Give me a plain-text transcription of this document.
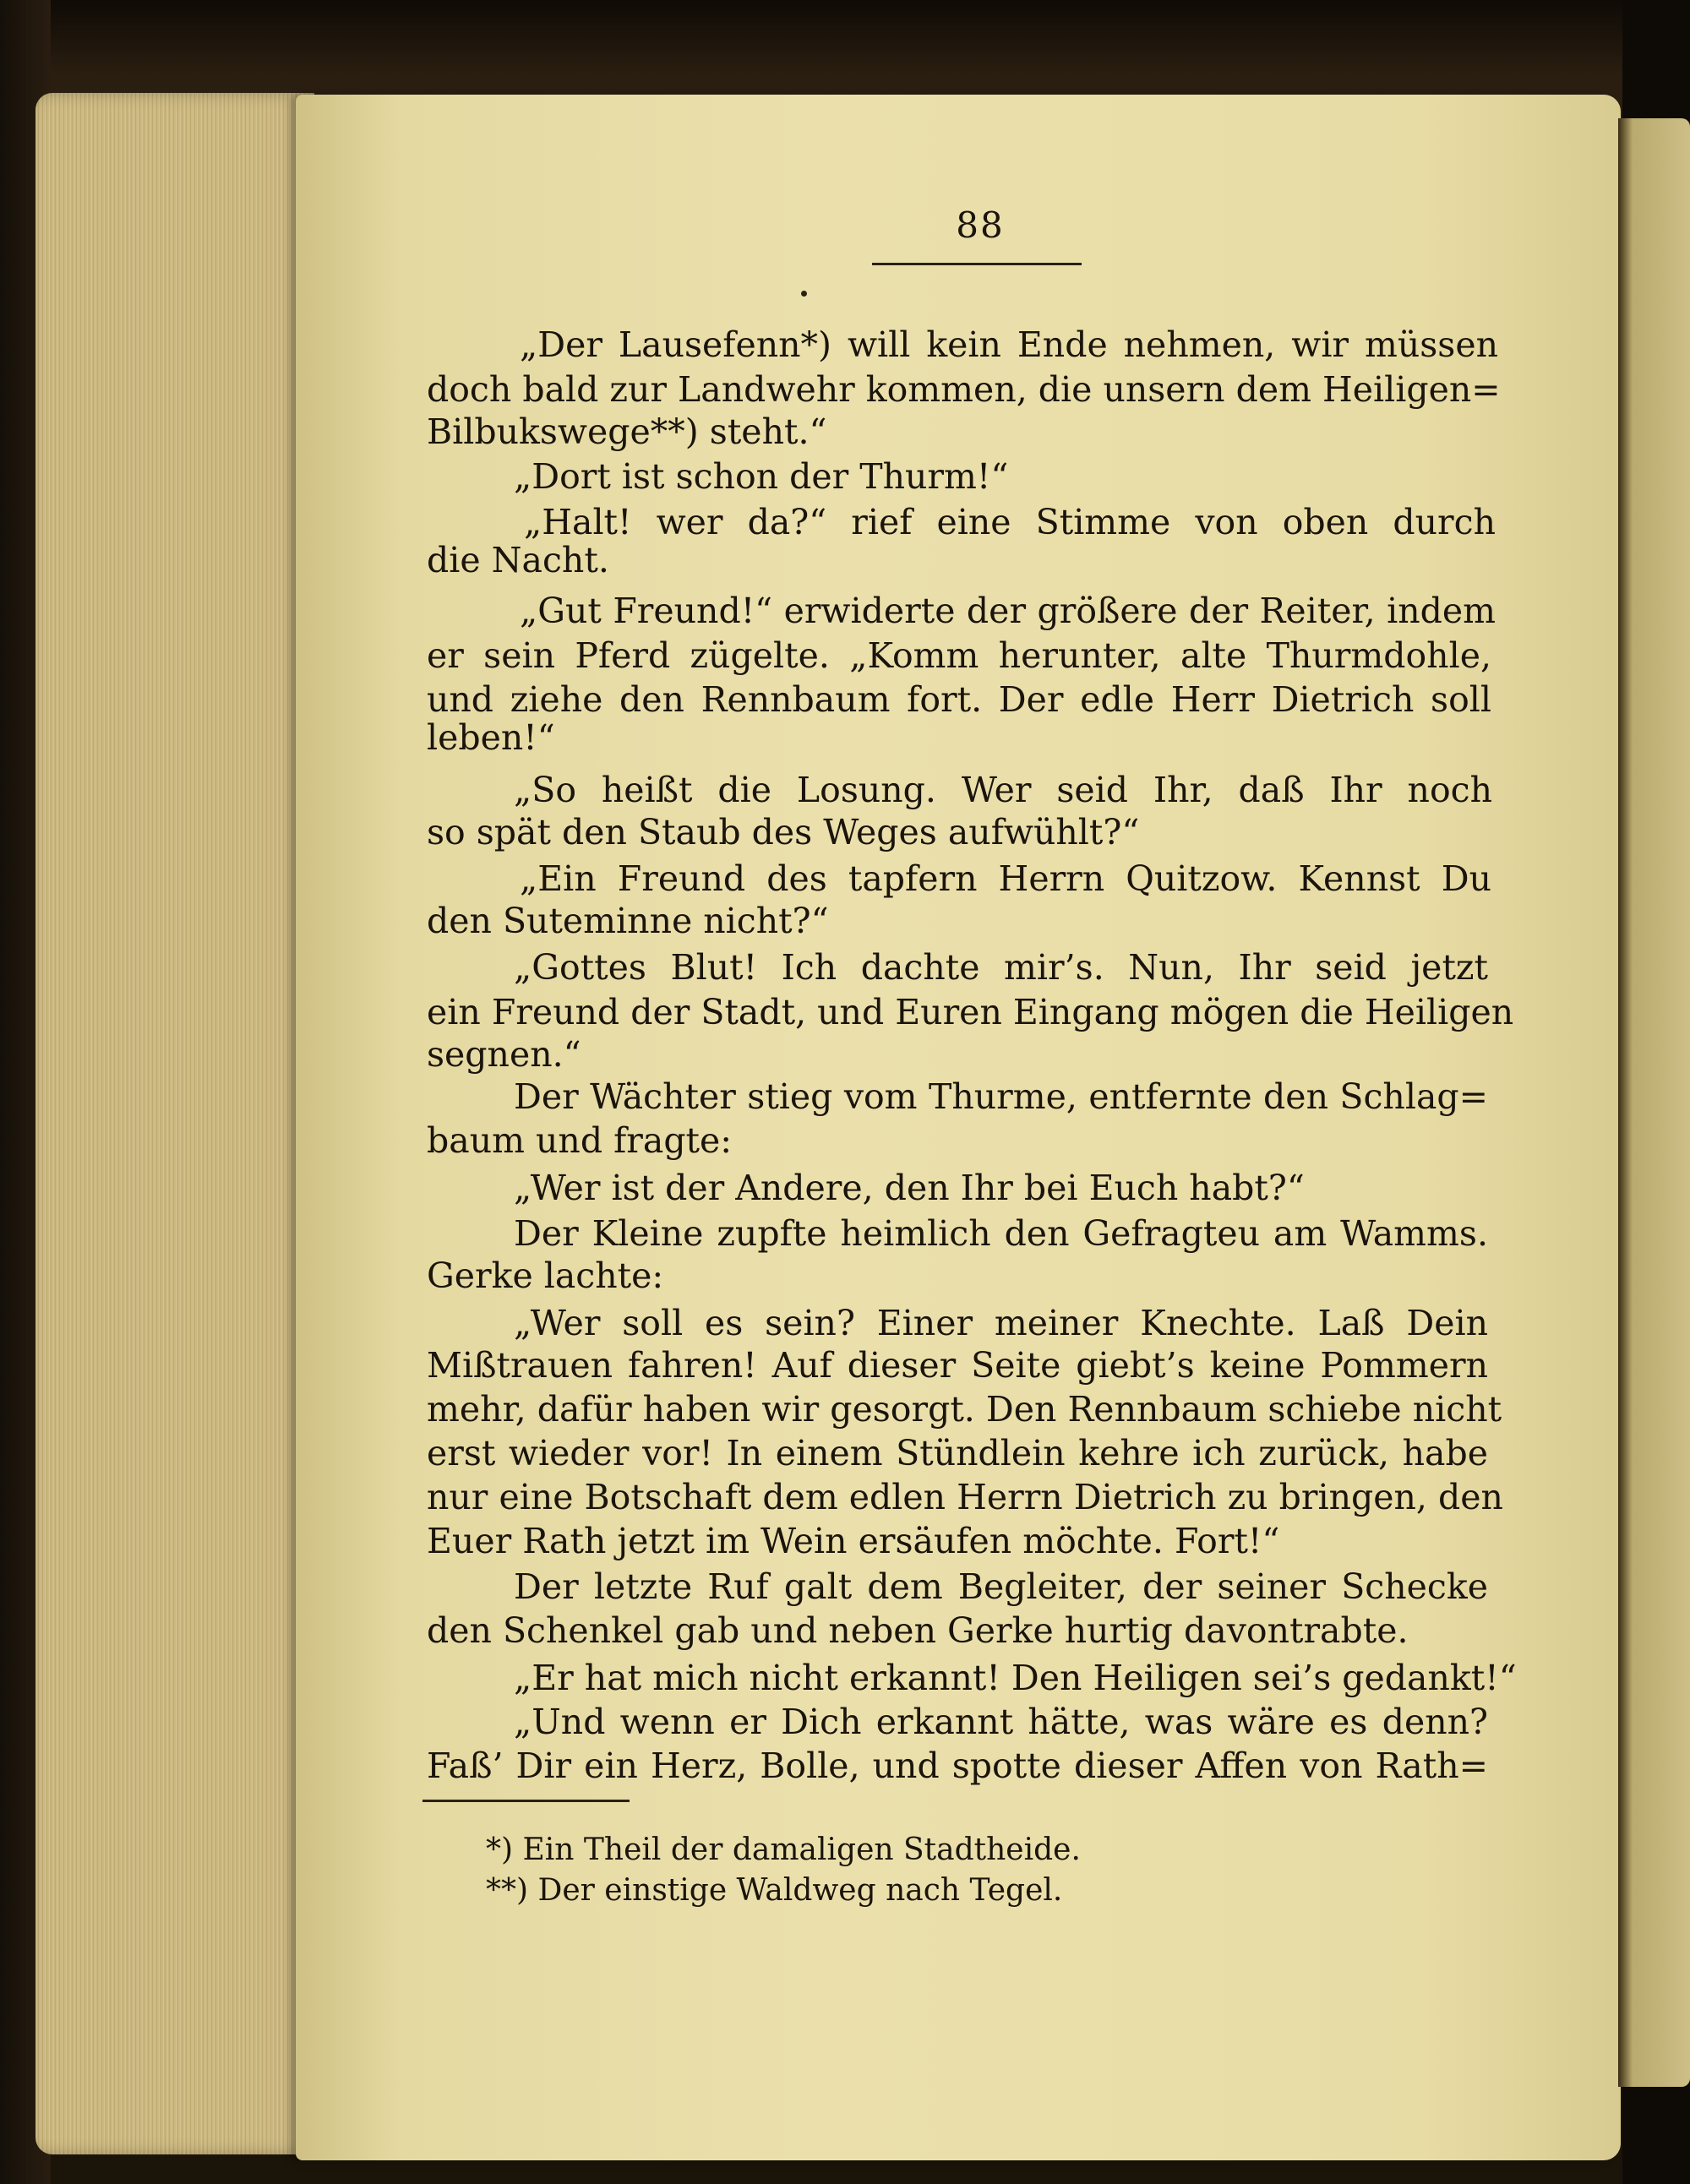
88

„Der Lausefenn*) will kein Ende nehmen, wir müssen

doch bald zur Landwehr kommen, die unsern dem Heiligen=

Bilbukswege**) steht.“

„Dort ist schon der Thurm!“

„Halt! wer da?“ rief eine Stimme von oben durch

die Nacht.

„Gut Freund!“ erwiderte der größere der Reiter, indem

er sein Pferd zügelte. „Komm herunter, alte Thurmdohle,

und ziehe den Rennbaum fort. Der edle Herr Dietrich soll

leben!“

„So heißt die Losung. Wer seid Ihr, daß Ihr noch

so spät den Staub des Weges aufwühlt?“

„Ein Freund des tapfern Herrn Quitzow. Kennst Du

den Suteminne nicht?“

„Gottes Blut! Ich dachte mir’s. Nun, Ihr seid jetzt

ein Freund der Stadt, und Euren Eingang mögen die Heiligen

segnen.“

Der Wächter stieg vom Thurme, entfernte den Schlag=

baum und fragte:

„Wer ist der Andere, den Ihr bei Euch habt?“

Der Kleine zupfte heimlich den Gefragteu am Wamms.

Gerke lachte:

„Wer soll es sein? Einer meiner Knechte. Laß Dein

Mißtrauen fahren! Auf dieser Seite giebt’s keine Pommern

mehr, dafür haben wir gesorgt. Den Rennbaum schiebe nicht

erst wieder vor! In einem Stündlein kehre ich zurück, habe

nur eine Botschaft dem edlen Herrn Dietrich zu bringen, den

Euer Rath jetzt im Wein ersäufen möchte. Fort!“

Der letzte Ruf galt dem Begleiter, der seiner Schecke

den Schenkel gab und neben Gerke hurtig davontrabte.

„Er hat mich nicht erkannt! Den Heiligen sei’s gedankt!“

„Und wenn er Dich erkannt hätte, was wäre es denn?

Faß’ Dir ein Herz, Bolle, und spotte dieser Affen von Rath=

*) Ein Theil der damaligen Stadtheide.
**) Der einstige Waldweg nach Tegel.
